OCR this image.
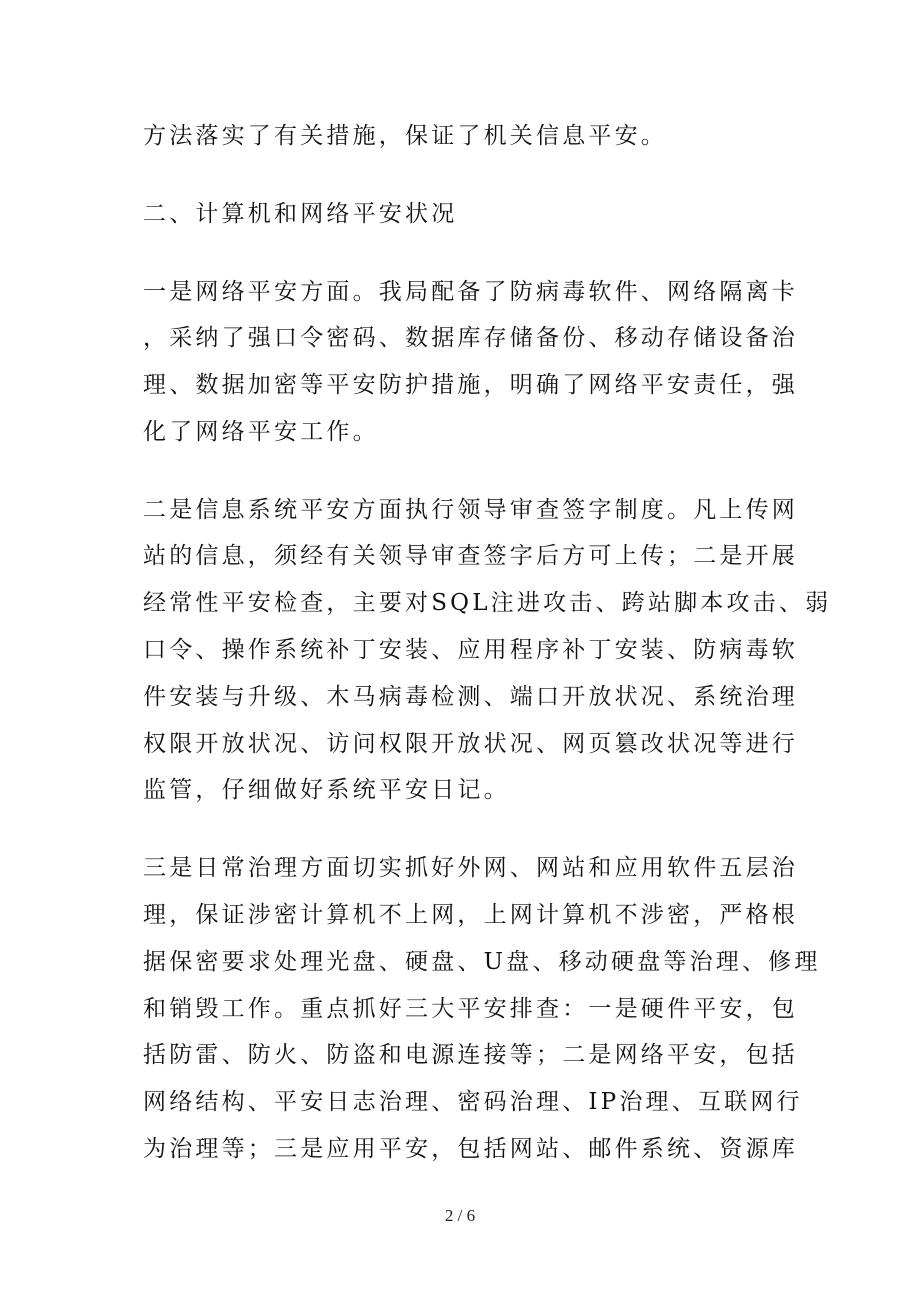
方法落实了有关措施，保证了机关信息平安。
二、计算机和网络平安状况
一是网络平安方面。我局配备了防病毒软件、网络隔离卡
，采纳了强口令密码、数据库存储备份、移动存储设备治
理、数据加密等平安防护措施，明确了网络平安责任，强
化了网络平安工作。
二是信息系统平安方面执行领导审查签字制度。凡上传网
站的信息，须经有关领导审查签字后方可上传；二是开展
经常性平安检查，主要对SQL注进攻击、跨站脚本攻击、弱
口令、操作系统补丁安装、应用程序补丁安装、防病毒软
件安装与升级、木马病毒检测、端口开放状况、系统治理
权限开放状况、访问权限开放状况、网页篡改状况等进行
监管，仔细做好系统平安日记。
三是日常治理方面切实抓好外网、网站和应用软件五层治
理，保证涉密计算机不上网，上网计算机不涉密，严格根
据保密要求处理光盘、硬盘、U盘、移动硬盘等治理、修理
和销毁工作。重点抓好三大平安排查：一是硬件平安，包
括防雷、防火、防盗和电源连接等；二是网络平安，包括
网络结构、平安日志治理、密码治理、IP治理、互联网行
为治理等；三是应用平安，包括网站、邮件系统、资源库
2 / 6
